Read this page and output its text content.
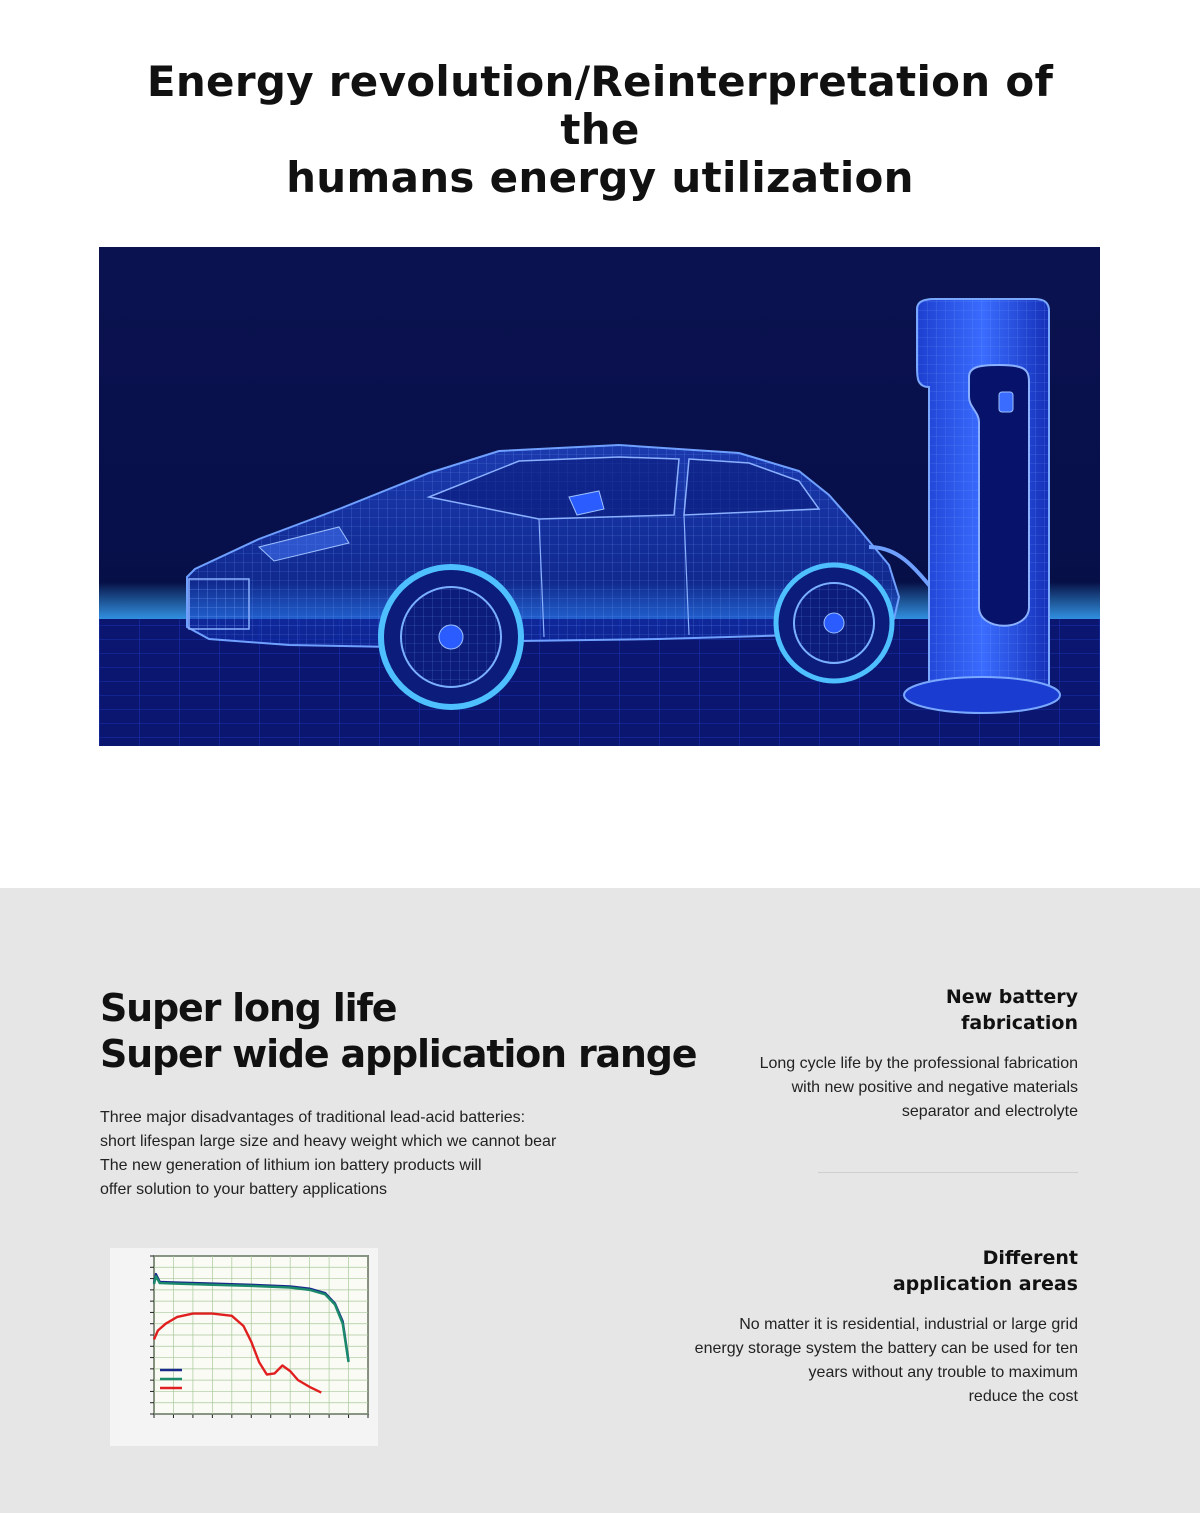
Energy revolution/Reinterpretation of the
humans energy utilization
Super long life
Super wide application range
Three major disadvantages of traditional lead-acid batteries:
short lifespan large size and heavy weight which we cannot bear
The new generation of lithium ion battery products will
offer solution to your battery applications
New battery
fabrication
Long cycle life by the professional fabrication
with new positive and negative materials
separator and electrolyte
Different
application areas
No matter it is residential, industrial or large grid
energy storage system the battery can be used for ten
years without any trouble to maximum
reduce the cost
